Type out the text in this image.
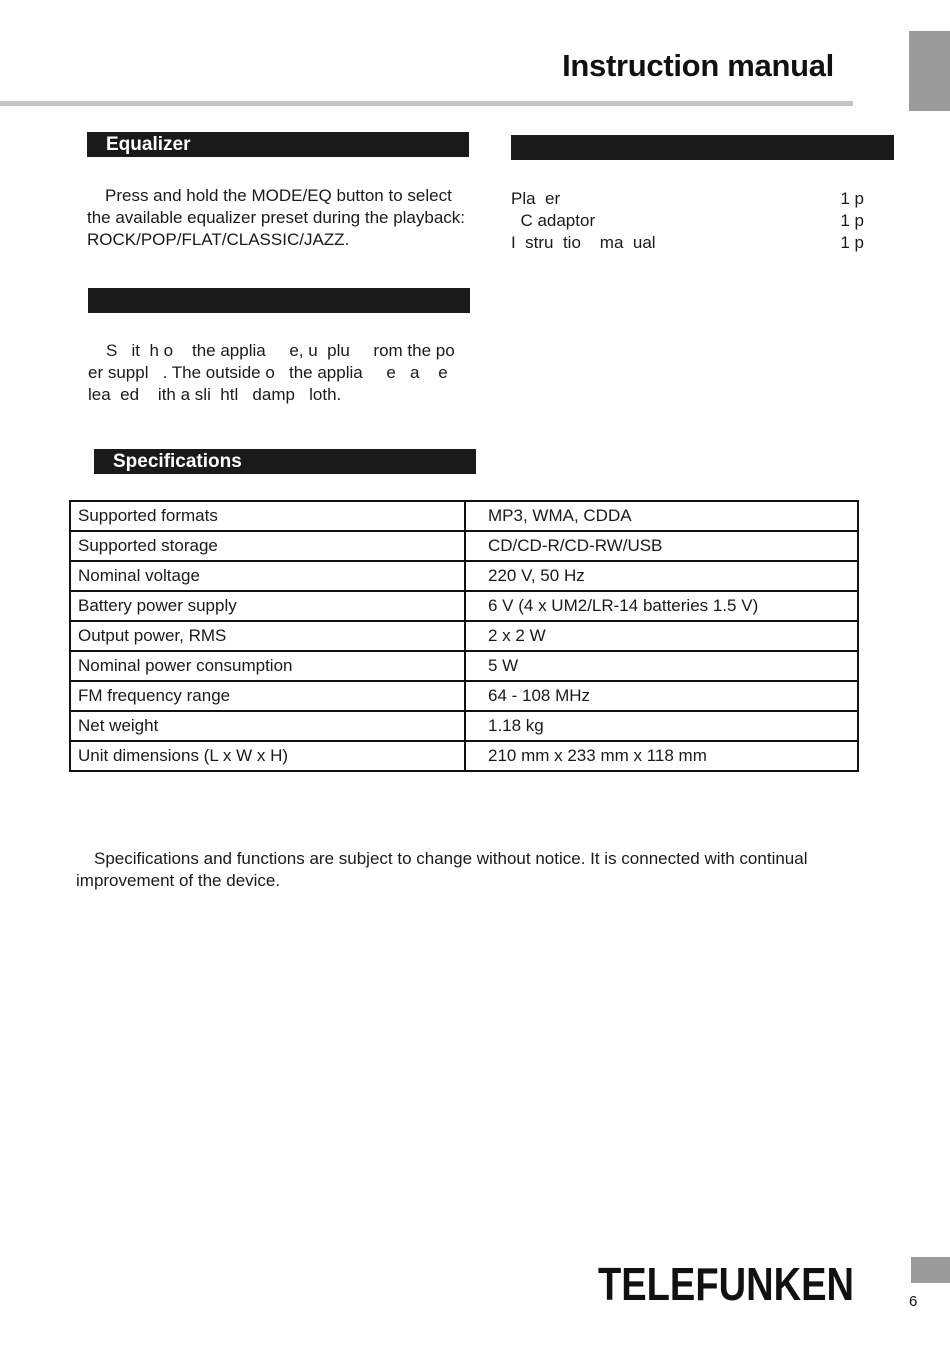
Instruction manual
Equalizer

Press and hold the MODE/EQ button to select the available equalizer preset during the playback: ROCK/POP/FLAT/CLASSIC/JAZZ.

Pla  er	1 p
C adaptor	1 p
I  stru  tio    ma  ual	1 p

S   it  h o    the applia     e, u  plu     rom the po   er suppl   . The outside o   the applia     e   a    e  lea  ed    ith a sli  htl   damp   loth.

Specifications
Supported formats	MP3, WMA, CDDA
Supported storage	CD/CD-R/CD-RW/USB
Nominal voltage	220 V, 50 Hz
Battery power supply	6 V (4 x UM2/LR-14 batteries 1.5 V)
Output power, RMS	2 x 2 W
Nominal power consumption	5 W
FM frequency range	64 - 108 MHz
Net weight	1.18 kg
Unit dimensions (L x W x H)	210 mm x 233 mm x 118 mm

Specifications and functions are subject to change without notice. It is connected with continual improvement of the device.

TELEFUNKEN	6
